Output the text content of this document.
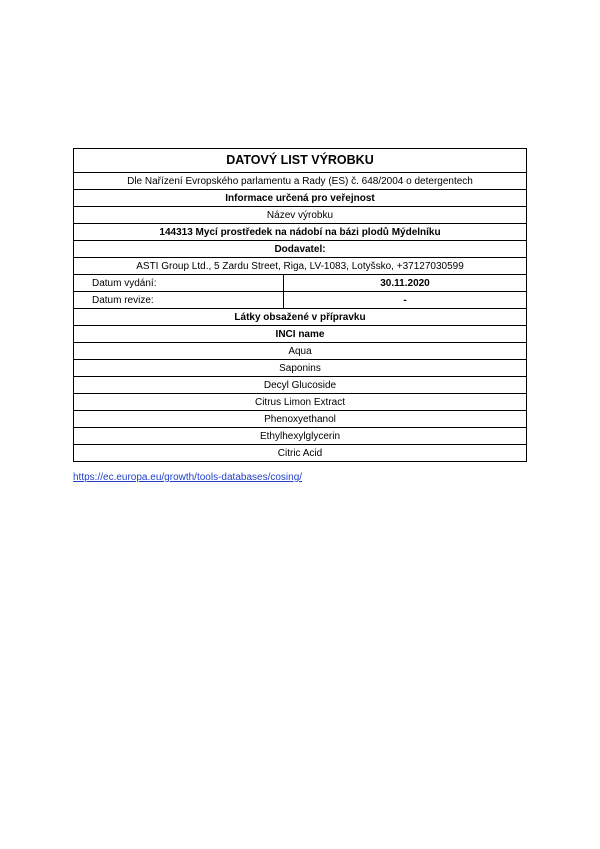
DATOVÝ LIST VÝROBKU	
Dle Nařízení Evropského parlamentu a Rady (ES) č. 648/2004 o detergentech	
Informace určená pro veřejnost	
Název výrobku	
144313 Mycí prostředek na nádobí na bázi plodů Mýdelníku	
Dodavatel:	
ASTI Group Ltd., 5 Zardu Street, Riga, LV-1083, Lotyšsko, +37127030599	
Datum vydání:	30.11.2020
Datum revize:	-
Látky obsažené v přípravku	
INCI name	
Aqua	
Saponins	
Decyl Glucoside	
Citrus Limon Extract	
Phenoxyethanol	
Ethylhexylglycerin	
Citric Acid	
https://ec.europa.eu/growth/tools-databases/cosing/
